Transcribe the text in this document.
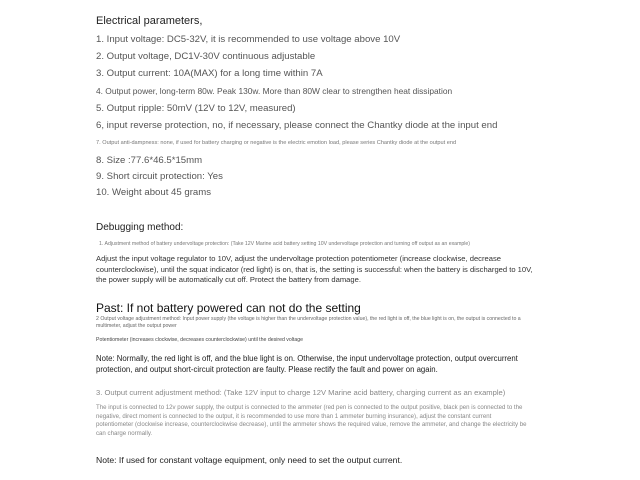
Electrical parameters,

1. Input voltage: DC5-32V, it is recommended to use voltage above 10V

2. Output voltage, DC1V-30V continuous adjustable

3. Output current: 10A(MAX) for a long time within 7A

4. Output power, long-term 80w. Peak 130w. More than 80W clear to strengthen heat dissipation

5. Output ripple: 50mV (12V to 12V, measured)

6, input reverse protection, no, if necessary, please connect the Chantky diode at the input end

7. Output anti-dampness: none, if used for battery charging or negative is the electric emotion load, please series Chantky diode at the output end

8. Size :77.6*46.5*15mm

9. Short circuit protection: Yes

10. Weight about 45 grams

Debugging method:

1. Adjustment method of battery undervoltage protection: (Take 12V Marine acid battery setting 10V undervoltage protection and turning off output as an example)

Adjust the input voltage regulator to 10V, adjust the undervoltage protection potentiometer (increase clockwise, decrease counterclockwise), until the squat indicator (red light) is on, that is, the setting is successful: when the battery is discharged to 10V, the power supply will be automatically cut off. Protect the battery from damage.

Past: If not battery powered can not do the setting

2 Output voltage adjustment method: Input power supply (the voltage is higher than the undervoltage protection value), the red light is off, the blue light is on, the output is connected to a multimeter, adjust the output power

Potentiometer (increases clockwise, decreases counterclockwise) until the desired voltage

Note: Normally, the red light is off, and the blue light is on. Otherwise, the input undervoltage protection, output overcurrent protection, and output short-circuit protection are faulty. Please rectify the fault and power on again.

3. Output current adjustment method: (Take 12V input to charge 12V Marine acid battery, charging current as an example)

The input is connected to 12v power supply, the output is connected to the ammeter (red pen is connected to the output positive, black pen is connected to the negative, direct moment is connected to the output, it is recommended to use more than 1 ammeter burning insurance), adjust the constant current potentiometer (clockwise increase, counterclockwise decrease), until the ammeter shows the required value, remove the ammeter, and change the electricity be can charge normally.

Note: If used for constant voltage equipment, only need to set the output current.
